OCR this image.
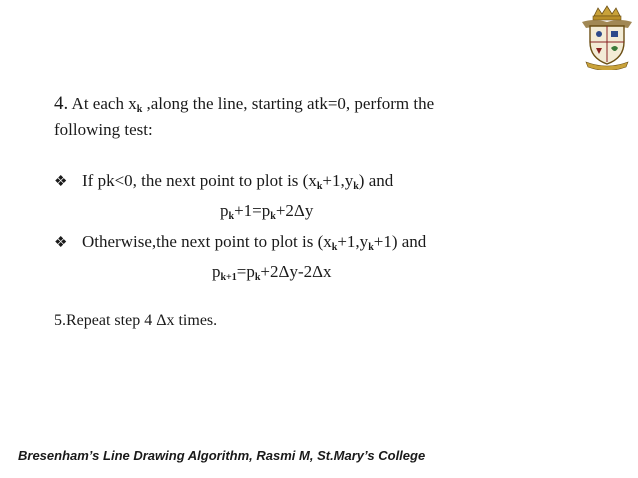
4. At each $x_k$ ,along the line, starting atk=0, perform the
following test:
❖ If pk<0, the next point to plot is $(x_k+1,y_k)$ and
$p_k+1=p_k+2\Delta y$
❖ Otherwise,the next point to plot is $(x_k+1,y_k+1)$ and
$p_{k+1}=p_k+2\Delta y-2\Delta x$
5.Repeat step 4 Δx times.
Bresenham’s Line Drawing Algorithm, Rasmi M, St.Mary’s College
